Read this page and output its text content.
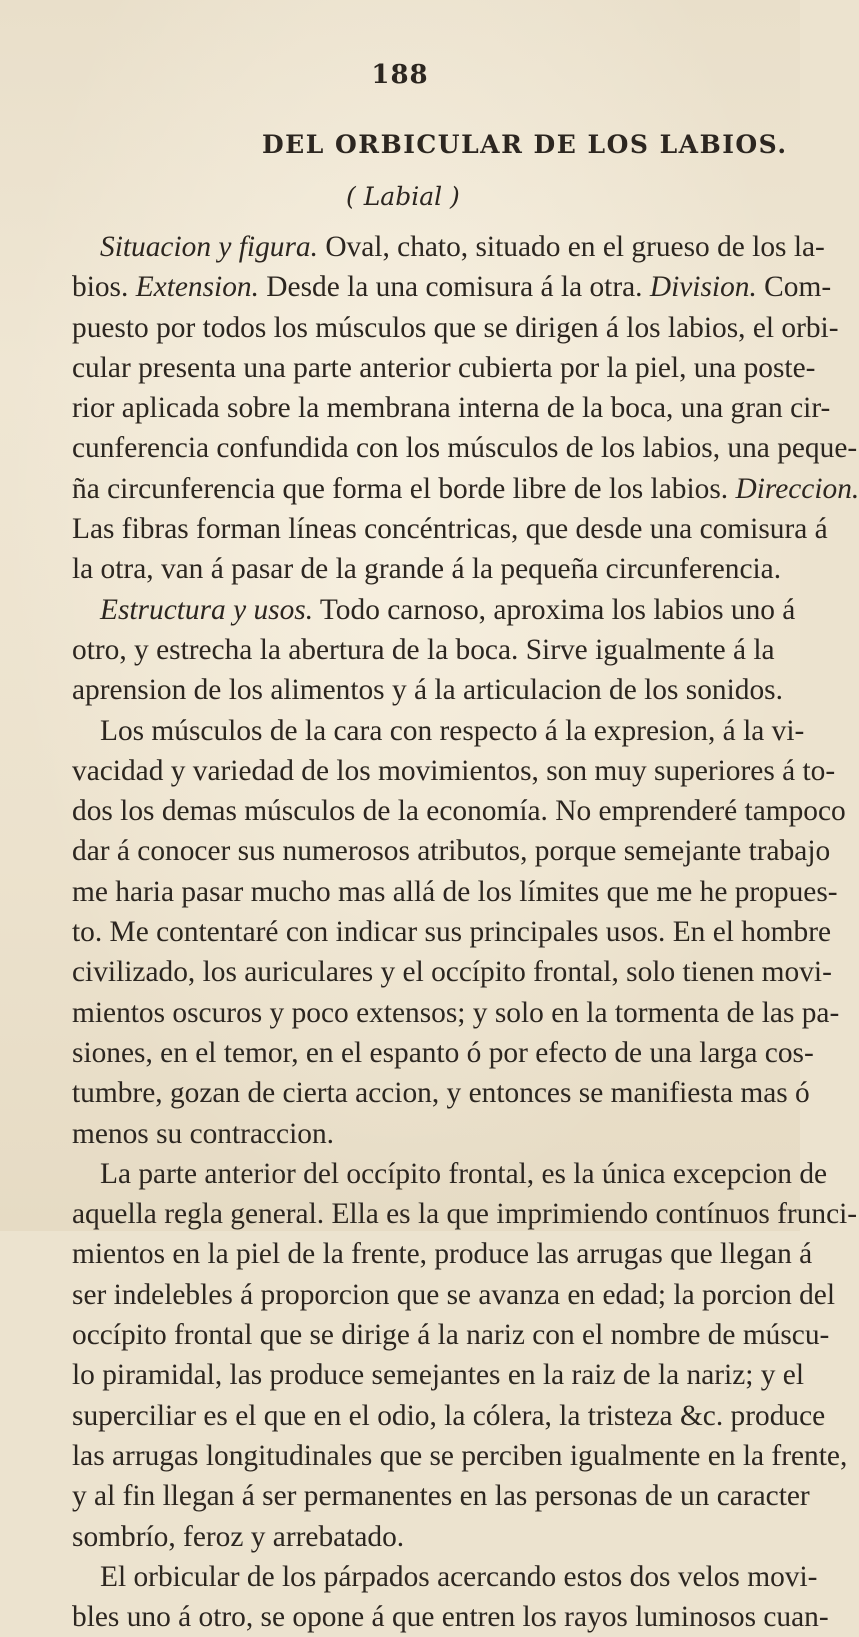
188
DEL ORBICULAR DE LOS LABIOS.
( Labial )
Situacion y figura. Oval, chato, situado en el grueso de los la-
bios. Extension. Desde la una comisura á la otra. Division. Com-
puesto por todos los músculos que se dirigen á los labios, el orbi-
cular presenta una parte anterior cubierta por la piel, una poste-
rior aplicada sobre la membrana interna de la boca, una gran cir-
cunferencia confundida con los músculos de los labios, una peque-
ña circunferencia que forma el borde libre de los labios. Direccion.
Las fibras forman líneas concéntricas, que desde una comisura á
la otra, van á pasar de la grande á la pequeña circunferencia.
Estructura y usos. Todo carnoso, aproxima los labios uno á
otro, y estrecha la abertura de la boca. Sirve igualmente á la
aprension de los alimentos y á la articulacion de los sonidos.
Los músculos de la cara con respecto á la expresion, á la vi-
vacidad y variedad de los movimientos, son muy superiores á to-
dos los demas músculos de la economía. No emprenderé tampoco
dar á conocer sus numerosos atributos, porque semejante trabajo
me haria pasar mucho mas allá de los límites que me he propues-
to. Me contentaré con indicar sus principales usos. En el hombre
civilizado, los auriculares y el occípito frontal, solo tienen movi-
mientos oscuros y poco extensos; y solo en la tormenta de las pa-
siones, en el temor, en el espanto ó por efecto de una larga cos-
tumbre, gozan de cierta accion, y entonces se manifiesta mas ó
menos su contraccion.
La parte anterior del occípito frontal, es la única excepcion de
aquella regla general. Ella es la que imprimiendo contínuos frunci-
mientos en la piel de la frente, produce las arrugas que llegan á
ser indelebles á proporcion que se avanza en edad; la porcion del
occípito frontal que se dirige á la nariz con el nombre de múscu-
lo piramidal, las produce semejantes en la raiz de la nariz; y el
superciliar es el que en el odio, la cólera, la tristeza &c. produce
las arrugas longitudinales que se perciben igualmente en la frente,
y al fin llegan á ser permanentes en las personas de un caracter
sombrío, feroz y arrebatado.
El orbicular de los párpados acercando estos dos velos movi-
bles uno á otro, se opone á que entren los rayos luminosos cuan-
